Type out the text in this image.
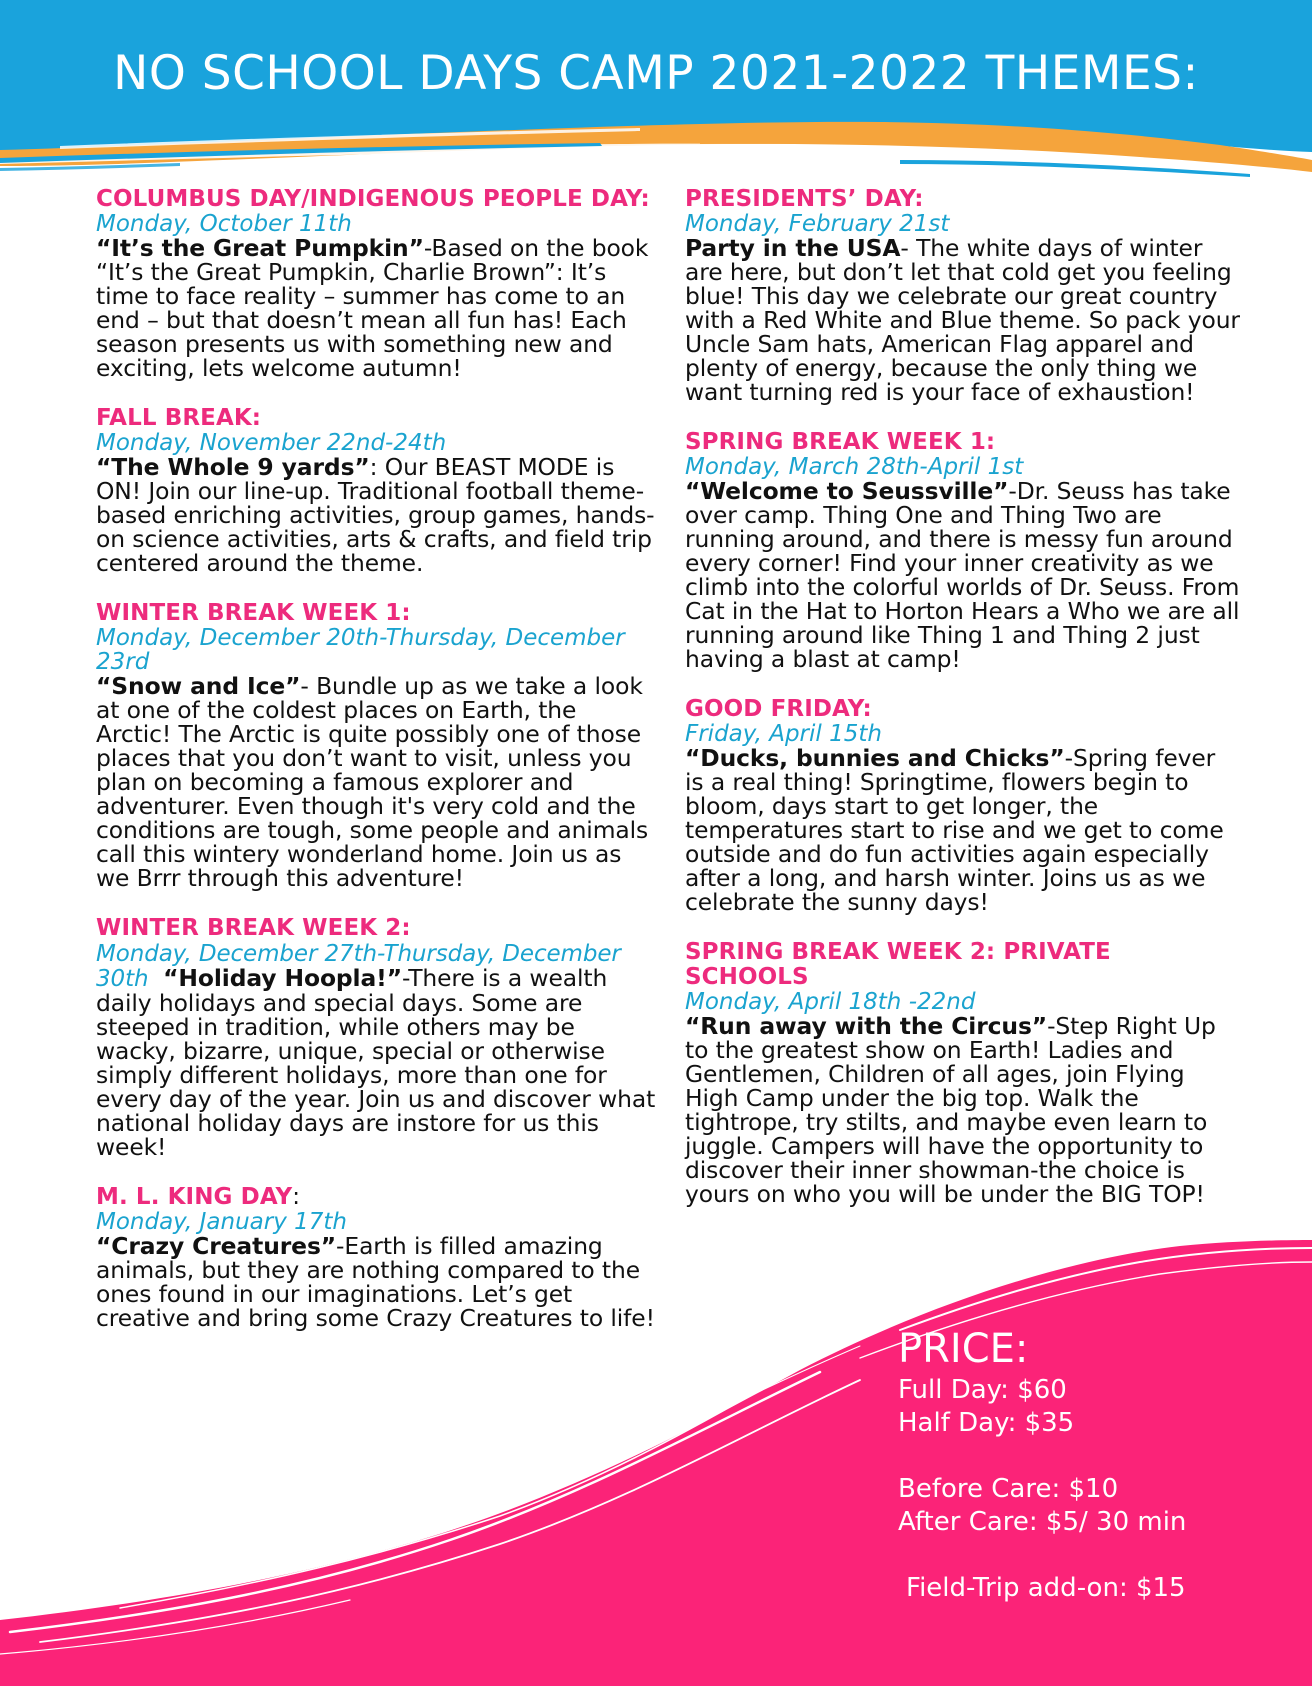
NO SCHOOL DAYS CAMP 2021-2022 THEMES:
COLUMBUS DAY/INDIGENOUS PEOPLE DAY:
Monday, October 11th
“It’s the Great Pumpkin”-Based on the book “It’s the Great Pumpkin, Charlie Brown”: It’s time to face reality – summer has come to an end – but that doesn’t mean all fun has! Each season presents us with something new and exciting, lets welcome autumn!
FALL BREAK:
Monday, November 22nd-24th
“The Whole 9 yards”: Our BEAST MODE is ON! Join our line-up. Traditional football theme-based enriching activities, group games, hands-on science activities, arts & crafts, and field trip centered around the theme.
WINTER BREAK WEEK 1:
Monday, December 20th-Thursday, December 23rd
“Snow and Ice”- Bundle up as we take a look at one of the coldest places on Earth, the Arctic! The Arctic is quite possibly one of those places that you don’t want to visit, unless you plan on becoming a famous explorer and adventurer. Even though it's very cold and the conditions are tough, some people and animals call this wintery wonderland home. Join us as we Brrr through this adventure!
WINTER BREAK WEEK 2:
Monday, December 27th-Thursday, December 30th “Holiday Hoopla!”-There is a wealth daily holidays and special days. Some are steeped in tradition, while others may be wacky, bizarre, unique, special or otherwise simply different holidays, more than one for every day of the year. Join us and discover what national holiday days are instore for us this week!
M. L. KING DAY:
Monday, January 17th
“Crazy Creatures”-Earth is filled amazing animals, but they are nothing compared to the ones found in our imaginations. Let’s get creative and bring some Crazy Creatures to life!
PRESIDENTS’ DAY:
Monday, February 21st
Party in the USA- The white days of winter are here, but don’t let that cold get you feeling blue! This day we celebrate our great country with a Red White and Blue theme. So pack your Uncle Sam hats, American Flag apparel and plenty of energy, because the only thing we want turning red is your face of exhaustion!
SPRING BREAK WEEK 1:
Monday, March 28th-April 1st
“Welcome to Seussville”-Dr. Seuss has take over camp. Thing One and Thing Two are running around, and there is messy fun around every corner! Find your inner creativity as we climb into the colorful worlds of Dr. Seuss. From Cat in the Hat to Horton Hears a Who we are all running around like Thing 1 and Thing 2 just having a blast at camp!
GOOD FRIDAY:
Friday, April 15th
“Ducks, bunnies and Chicks”-Spring fever is a real thing! Springtime, flowers begin to bloom, days start to get longer, the temperatures start to rise and we get to come outside and do fun activities again especially after a long, and harsh winter. Joins us as we celebrate the sunny days!
SPRING BREAK WEEK 2: PRIVATE SCHOOLS
Monday, April 18th -22nd
“Run away with the Circus”-Step Right Up to the greatest show on Earth! Ladies and Gentlemen, Children of all ages, join Flying High Camp under the big top. Walk the tightrope, try stilts, and maybe even learn to juggle. Campers will have the opportunity to discover their inner showman-the choice is yours on who you will be under the BIG TOP!
PRICE:
Full Day: $60
Half Day: $35
Before Care: $10
After Care: $5/ 30 min
Field-Trip add-on: $15
